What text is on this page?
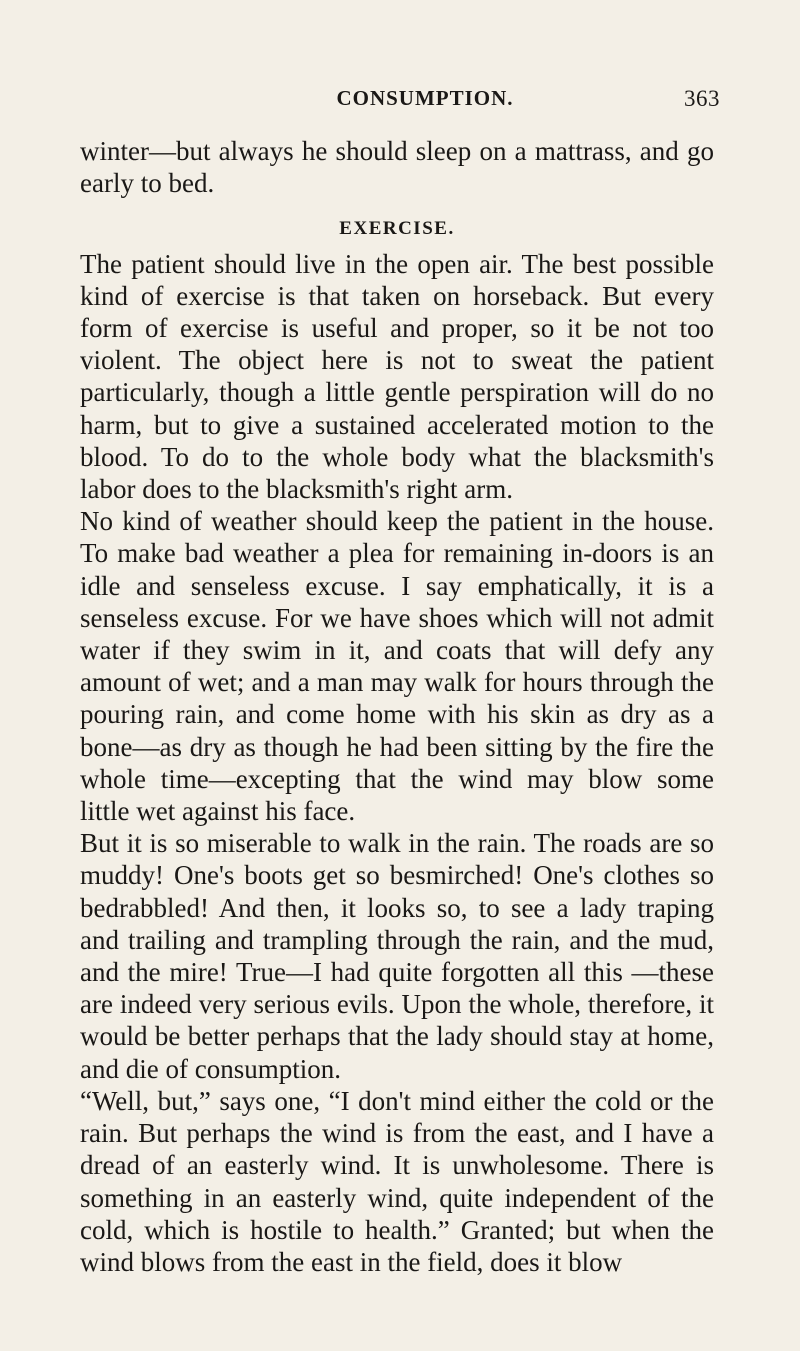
CONSUMPTION.	363

winter—but always he should sleep on a mattrass, and go early to bed.

EXERCISE.

The patient should live in the open air. The best possible kind of exercise is that taken on horseback. But every form of exercise is useful and proper, so it be not too violent. The object here is not to sweat the patient particularly, though a little gentle perspiration will do no harm, but to give a sustained accelerated motion to the blood. To do to the whole body what the blacksmith's labor does to the blacksmith's right arm.

No kind of weather should keep the patient in the house. To make bad weather a plea for remaining in-doors is an idle and senseless excuse. I say emphatically, it is a senseless excuse. For we have shoes which will not admit water if they swim in it, and coats that will defy any amount of wet; and a man may walk for hours through the pouring rain, and come home with his skin as dry as a bone—as dry as though he had been sitting by the fire the whole time—excepting that the wind may blow some little wet against his face.

But it is so miserable to walk in the rain. The roads are so muddy! One's boots get so besmirched! One's clothes so bedrabbled! And then, it looks so, to see a lady traping and trailing and trampling through the rain, and the mud, and the mire! True—I had quite forgotten all this —these are indeed very serious evils. Upon the whole, therefore, it would be better perhaps that the lady should stay at home, and die of consumption.

“Well, but,” says one, “I don't mind either the cold or the rain. But perhaps the wind is from the east, and I have a dread of an easterly wind. It is unwholesome. There is something in an easterly wind, quite independent of the cold, which is hostile to health.” Granted; but when the wind blows from the east in the field, does it blow
